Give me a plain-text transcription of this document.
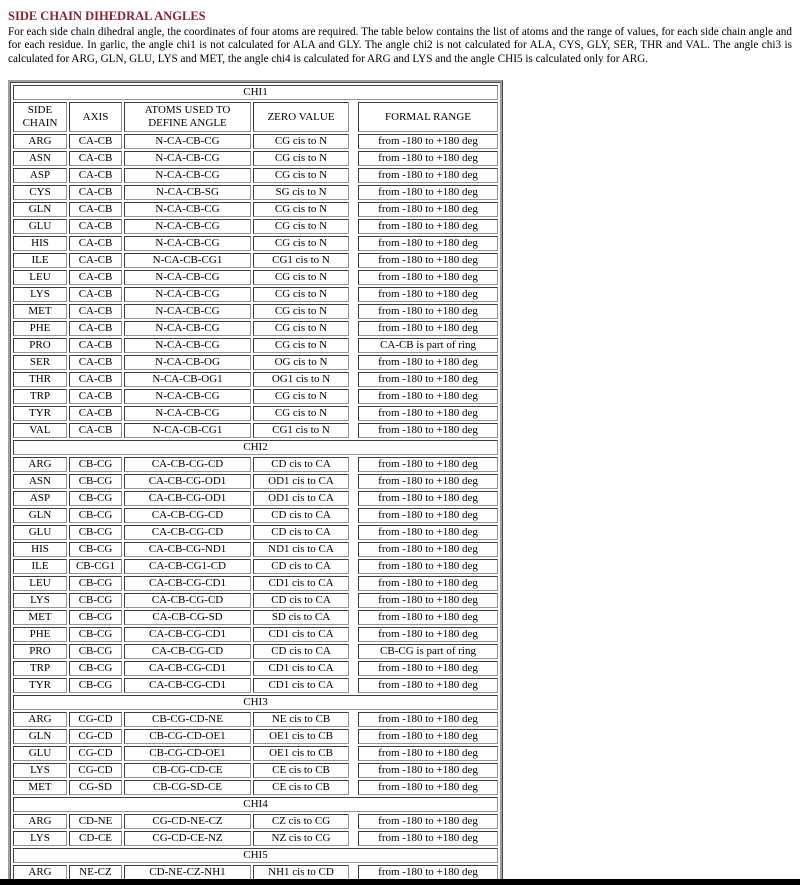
SIDE CHAIN DIHEDRAL ANGLES

For each side chain dihedral angle, the coordinates of four atoms are required. The table below contains the list of atoms and the range of values, for each side chain angle and for each residue. In garlic, the angle chi1 is not calculated for ALA and GLY. The angle chi2 is not calculated for ALA, CYS, GLY, SER, THR and VAL. The angle chi3 is calculated for ARG, GLN, GLU, LYS and MET, the angle chi4 is calculated for ARG and LYS and the angle CHI5 is calculated only for ARG.

CHI1					
SIDE CHAIN	AXIS	ATOMS USED TO DEFINE ANGLE	ZERO VALUE		FORMAL RANGE
ARG	CA-CB	N-CA-CB-CG	CG cis to N		from -180 to +180 deg
ASN	CA-CB	N-CA-CB-CG	CG cis to N		from -180 to +180 deg
ASP	CA-CB	N-CA-CB-CG	CG cis to N		from -180 to +180 deg
CYS	CA-CB	N-CA-CB-SG	SG cis to N		from -180 to +180 deg
GLN	CA-CB	N-CA-CB-CG	CG cis to N		from -180 to +180 deg
GLU	CA-CB	N-CA-CB-CG	CG cis to N		from -180 to +180 deg
HIS	CA-CB	N-CA-CB-CG	CG cis to N		from -180 to +180 deg
ILE	CA-CB	N-CA-CB-CG1	CG1 cis to N		from -180 to +180 deg
LEU	CA-CB	N-CA-CB-CG	CG cis to N		from -180 to +180 deg
LYS	CA-CB	N-CA-CB-CG	CG cis to N		from -180 to +180 deg
MET	CA-CB	N-CA-CB-CG	CG cis to N		from -180 to +180 deg
PHE	CA-CB	N-CA-CB-CG	CG cis to N		from -180 to +180 deg
PRO	CA-CB	N-CA-CB-CG	CG cis to N		CA-CB is part of ring
SER	CA-CB	N-CA-CB-OG	OG cis to N		from -180 to +180 deg
THR	CA-CB	N-CA-CB-OG1	OG1 cis to N		from -180 to +180 deg
TRP	CA-CB	N-CA-CB-CG	CG cis to N		from -180 to +180 deg
TYR	CA-CB	N-CA-CB-CG	CG cis to N		from -180 to +180 deg
VAL	CA-CB	N-CA-CB-CG1	CG1 cis to N		from -180 to +180 deg
CHI2					
ARG	CB-CG	CA-CB-CG-CD	CD cis to CA		from -180 to +180 deg
ASN	CB-CG	CA-CB-CG-OD1	OD1 cis to CA		from -180 to +180 deg
ASP	CB-CG	CA-CB-CG-OD1	OD1 cis to CA		from -180 to +180 deg
GLN	CB-CG	CA-CB-CG-CD	CD cis to CA		from -180 to +180 deg
GLU	CB-CG	CA-CB-CG-CD	CD cis to CA		from -180 to +180 deg
HIS	CB-CG	CA-CB-CG-ND1	ND1 cis to CA		from -180 to +180 deg
ILE	CB-CG1	CA-CB-CG1-CD	CD cis to CA		from -180 to +180 deg
LEU	CB-CG	CA-CB-CG-CD1	CD1 cis to CA		from -180 to +180 deg
LYS	CB-CG	CA-CB-CG-CD	CD cis to CA		from -180 to +180 deg
MET	CB-CG	CA-CB-CG-SD	SD cis to CA		from -180 to +180 deg
PHE	CB-CG	CA-CB-CG-CD1	CD1 cis to CA		from -180 to +180 deg
PRO	CB-CG	CA-CB-CG-CD	CD cis to CA		CB-CG is part of ring
TRP	CB-CG	CA-CB-CG-CD1	CD1 cis to CA		from -180 to +180 deg
TYR	CB-CG	CA-CB-CG-CD1	CD1 cis to CA		from -180 to +180 deg
CHI3					
ARG	CG-CD	CB-CG-CD-NE	NE cis to CB		from -180 to +180 deg
GLN	CG-CD	CB-CG-CD-OE1	OE1 cis to CB		from -180 to +180 deg
GLU	CG-CD	CB-CG-CD-OE1	OE1 cis to CB		from -180 to +180 deg
LYS	CG-CD	CB-CG-CD-CE	CE cis to CB		from -180 to +180 deg
MET	CG-SD	CB-CG-SD-CE	CE cis to CB		from -180 to +180 deg
CHI4					
ARG	CD-NE	CG-CD-NE-CZ	CZ cis to CG		from -180 to +180 deg
LYS	CD-CE	CG-CD-CE-NZ	NZ cis to CG		from -180 to +180 deg
CHI5					
ARG	NE-CZ	CD-NE-CZ-NH1	NH1 cis to CD		from -180 to +180 deg
